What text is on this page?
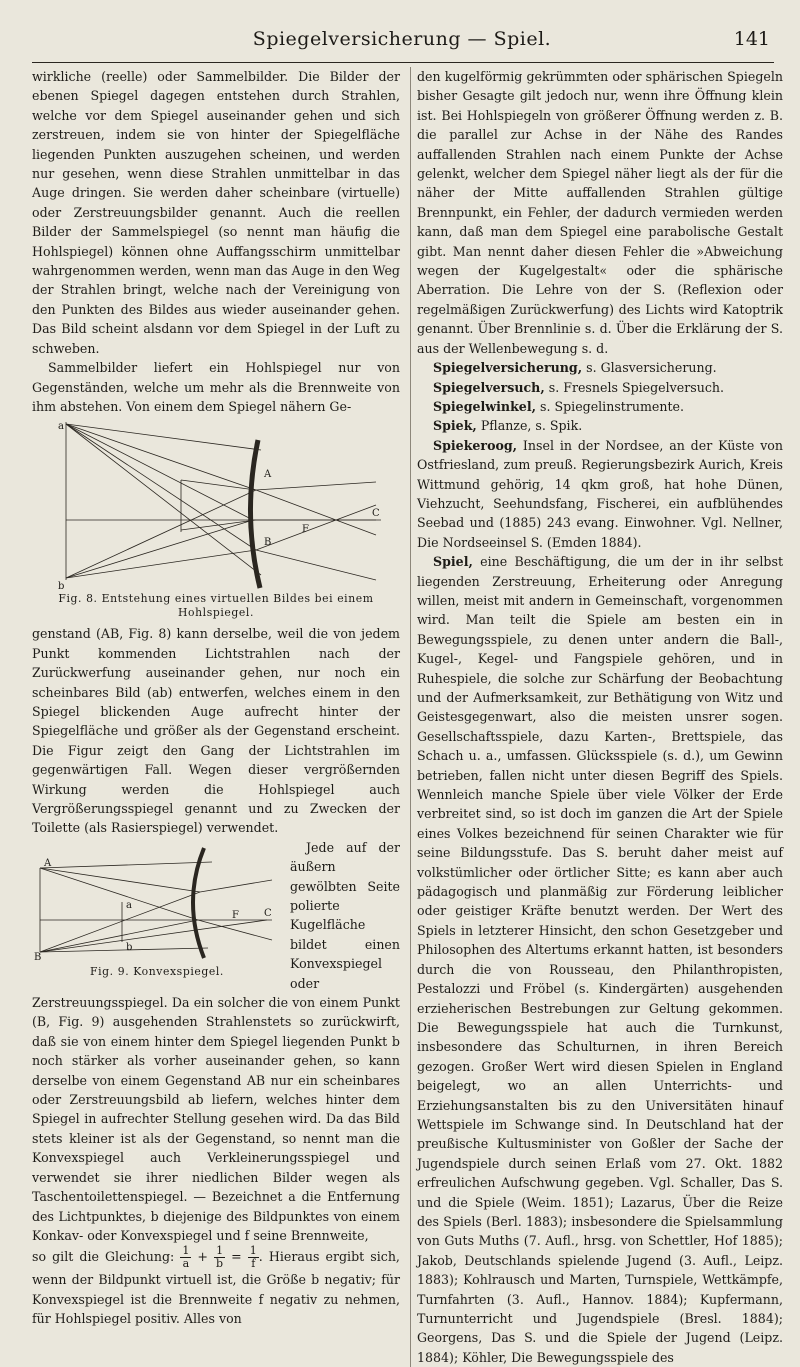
Spiegelversicherung — Spiel.	141

wirkliche (reelle) oder Sammelbilder. Die Bilder der ebenen Spiegel dagegen entstehen durch Strahlen, welche vor dem Spiegel auseinander gehen und sich zerstreuen, indem sie von hinter der Spiegelfläche liegenden Punkten auszugehen scheinen, und werden nur gesehen, wenn diese Strahlen unmittelbar in das Auge dringen. Sie werden daher scheinbare (virtuelle) oder Zerstreuungsbilder genannt. Auch die reellen Bilder der Sammelspiegel (so nennt man häufig die Hohlspiegel) können ohne Auffangsschirm unmittelbar wahrgenommen werden, wenn man das Auge in den Weg der Strahlen bringt, welche nach der Vereinigung von den Punkten des Bildes aus wieder auseinander gehen. Das Bild scheint alsdann vor dem Spiegel in der Luft zu schweben.

Sammelbilder liefert ein Hohlspiegel nur von Gegenständen, welche um mehr als die Brennweite von ihm abstehen. Von einem dem Spiegel nähern Ge-

a
A
B
C
F
b
Fig. 8. Entstehung eines virtuellen Bildes bei einem Hohlspiegel.

genstand (AB, Fig. 8) kann derselbe, weil die von jedem Punkt kommenden Lichtstrahlen nach der Zurückwerfung auseinander gehen, nur noch ein scheinbares Bild (ab) entwerfen, welches einem in den Spiegel blickenden Auge aufrecht hinter der Spiegelfläche und größer als der Gegenstand erscheint. Die Figur zeigt den Gang der Lichtstrahlen im gegenwärtigen Fall. Wegen dieser vergrößernden Wirkung werden die Hohlspiegel auch Vergrößerungsspiegel genannt und zu Zwecken der Toilette (als Rasierspiegel) verwendet.

A
B
a
b
F	C
Fig. 9. Konvexspiegel.

Jede auf der äußern gewölbten Seite polierte Kugelfläche bildet einen Konvexspiegel oder Zerstreuungsspiegel. Da ein solcher die von einem Punkt (B, Fig. 9) ausgehenden Strahlenstets so zurückwirft, daß sie von einem hinter dem Spiegel liegenden Punkt b noch stärker als vorher auseinander gehen, so kann derselbe von einem Gegenstand AB nur ein scheinbares oder Zerstreuungsbild ab liefern, welches hinter dem Spiegel in aufrechter Stellung gesehen wird. Da das Bild stets kleiner ist als der Gegenstand, so nennt man die Konvexspiegel auch Verkleinerungsspiegel und verwendet sie ihrer niedlichen Bilder wegen als Taschentoilettenspiegel. — Bezeichnet a die Entfernung des Lichtpunktes, b diejenige des Bildpunktes von einem Konkav- oder Konvexspiegel und f seine Brennweite,

so gilt die Gleichung: $\frac{1}{a} + \frac{1}{b} = \frac{1}{f}$ . Hieraus ergibt sich, wenn der Bildpunkt virtuell ist, die Größe b negativ; für Konvexspiegel ist die Brennweite f negativ zu nehmen, für Hohlspiegel positiv. Alles von

den kugelförmig gekrümmten oder sphärischen Spiegeln bisher Gesagte gilt jedoch nur, wenn ihre Öffnung klein ist. Bei Hohlspiegeln von größerer Öffnung werden z. B. die parallel zur Achse in der Nähe des Randes auffallenden Strahlen nach einem Punkte der Achse gelenkt, welcher dem Spiegel näher liegt als der für die näher der Mitte auffallenden Strahlen gültige Brennpunkt, ein Fehler, der dadurch vermieden werden kann, daß man dem Spiegel eine parabolische Gestalt gibt. Man nennt daher diesen Fehler die »Abweichung wegen der Kugelgestalt« oder die sphärische Aberration. Die Lehre von der S. (Reflexion oder regelmäßigen Zurückwerfung) des Lichts wird Katoptrik genannt. Über Brennlinie s. d. Über die Erklärung der S. aus der Wellenbewegung s. d.

Spiegelversicherung, s. Glasversicherung.

Spiegelversuch, s. Fresnels Spiegelversuch.

Spiegelwinkel, s. Spiegelinstrumente.

Spiek, Pflanze, s. Spik.

Spiekeroog, Insel in der Nordsee, an der Küste von Ostfriesland, zum preuß. Regierungsbezirk Aurich, Kreis Wittmund gehörig, 14 qkm groß, hat hohe Dünen, Viehzucht, Seehundsfang, Fischerei, ein aufblühendes Seebad und (1885) 243 evang. Einwohner. Vgl. Nellner, Die Nordseeinsel S. (Emden 1884).

Spiel, eine Beschäftigung, die um der in ihr selbst liegenden Zerstreuung, Erheiterung oder Anregung willen, meist mit andern in Gemeinschaft, vorgenommen wird. Man teilt die Spiele am besten ein in Bewegungsspiele, zu denen unter andern die Ball-, Kugel-, Kegel- und Fangspiele gehören, und in Ruhespiele, die solche zur Schärfung der Beobachtung und der Aufmerksamkeit, zur Bethätigung von Witz und Geistesgegenwart, also die meisten unsrer sogen. Gesellschaftsspiele, dazu Karten-, Brettspiele, das Schach u. a., umfassen. Glücksspiele (s. d.), um Gewinn betrieben, fallen nicht unter diesen Begriff des Spiels. Wennleich manche Spiele über viele Völker der Erde verbreitet sind, so ist doch im ganzen die Art der Spiele eines Volkes bezeichnend für seinen Charakter wie für seine Bildungsstufe. Das S. beruht daher meist auf volkstümlicher oder örtlicher Sitte; es kann aber auch pädagogisch und planmäßig zur Förderung leiblicher oder geistiger Kräfte benutzt werden. Der Wert des Spiels in letzterer Hinsicht, den schon Gesetzgeber und Philosophen des Altertums erkannt hatten, ist besonders durch die von Rousseau, den Philanthropisten, Pestalozzi und Fröbel (s. Kindergärten) ausgehenden erzieherischen Bestrebungen zur Geltung gekommen. Die Bewegungsspiele hat auch die Turnkunst, insbesondere das Schulturnen, in ihren Bereich gezogen. Großer Wert wird diesen Spielen in England beigelegt, wo an allen Unterrichts- und Erziehungsanstalten bis zu den Universitäten hinauf Wettspiele im Schwange sind. In Deutschland hat der preußische Kultusminister von Goßler der Sache der Jugendspiele durch seinen Erlaß vom 27. Okt. 1882 erfreulichen Aufschwung gegeben. Vgl. Schaller, Das S. und die Spiele (Weim. 1851); Lazarus, Über die Reize des Spiels (Berl. 1883); insbesondere die Spielsammlung von Guts Muths (7. Aufl., hrsg. von Schettler, Hof 1885); Jakob, Deutschlands spielende Jugend (3. Aufl., Leipz. 1883); Kohlrausch und Marten, Turnspiele, Wettkämpfe, Turnfahrten (3. Aufl., Hannov. 1884); Kupfermann, Turnunterricht und Jugendspiele (Bresl. 1884); Georgens, Das S. und die Spiele der Jugend (Leipz. 1884); Köhler, Die Bewegungsspiele des
